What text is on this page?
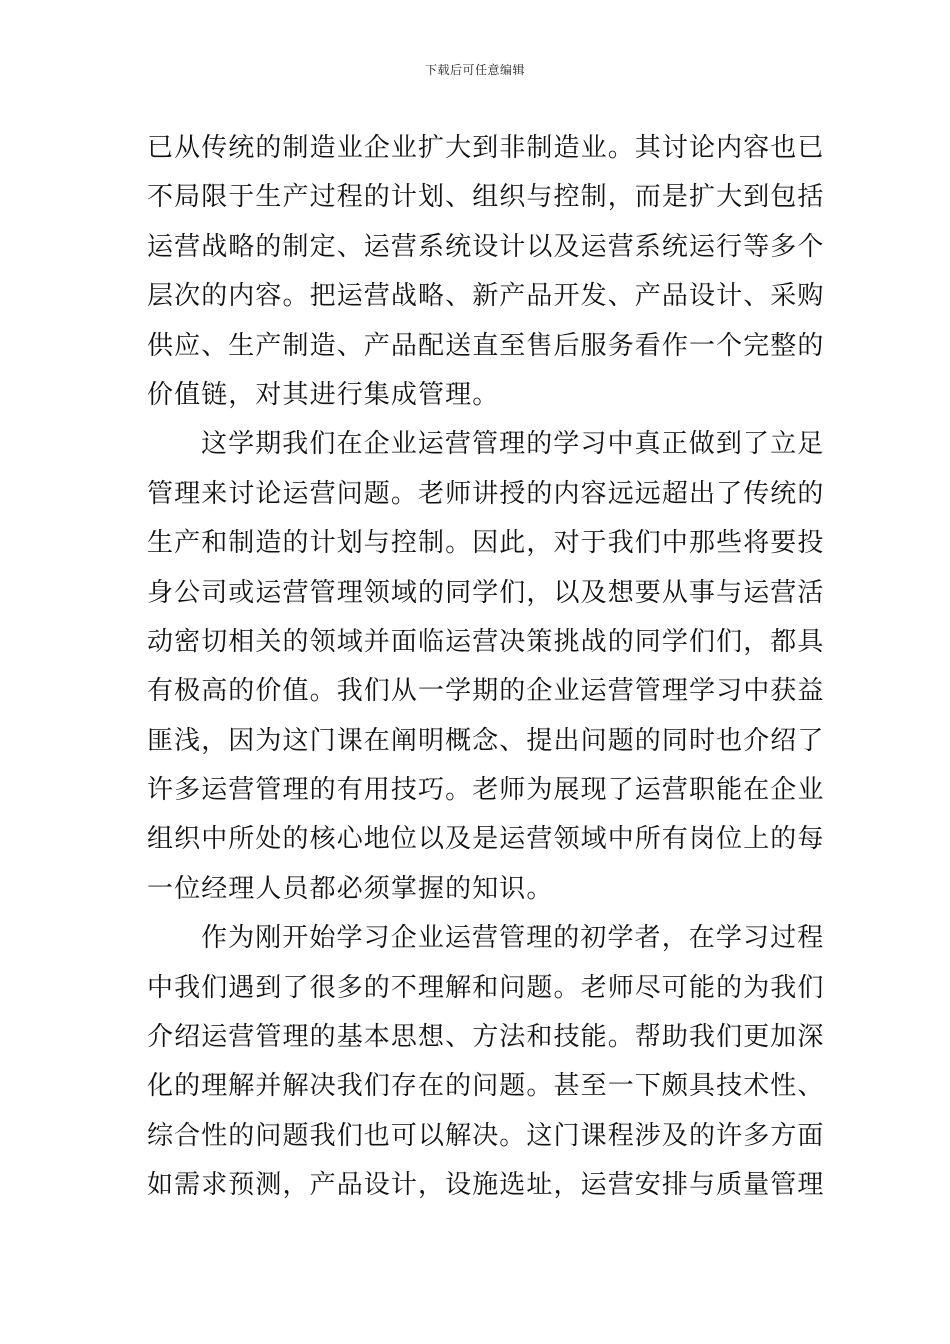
下载后可任意编辑
已从传统的制造业企业扩大到非制造业。其讨论内容也已
不局限于生产过程的计划、组织与控制，而是扩大到包括
运营战略的制定、运营系统设计以及运营系统运行等多个
层次的内容。把运营战略、新产品开发、产品设计、采购
供应、生产制造、产品配送直至售后服务看作一个完整的
价值链，对其进行集成管理。
这学期我们在企业运营管理的学习中真正做到了立足
管理来讨论运营问题。老师讲授的内容远远超出了传统的
生产和制造的计划与控制。因此，对于我们中那些将要投
身公司或运营管理领域的同学们，以及想要从事与运营活
动密切相关的领域并面临运营决策挑战的同学们们，都具
有极高的价值。我们从一学期的企业运营管理学习中获益
匪浅，因为这门课在阐明概念、提出问题的同时也介绍了
许多运营管理的有用技巧。老师为展现了运营职能在企业
组织中所处的核心地位以及是运营领域中所有岗位上的每
一位经理人员都必须掌握的知识。
作为刚开始学习企业运营管理的初学者，在学习过程
中我们遇到了很多的不理解和问题。老师尽可能的为我们
介绍运营管理的基本思想、方法和技能。帮助我们更加深
化的理解并解决我们存在的问题。甚至一下颇具技术性、
综合性的问题我们也可以解决。这门课程涉及的许多方面
如需求预测，产品设计，设施选址，运营安排与质量管理
